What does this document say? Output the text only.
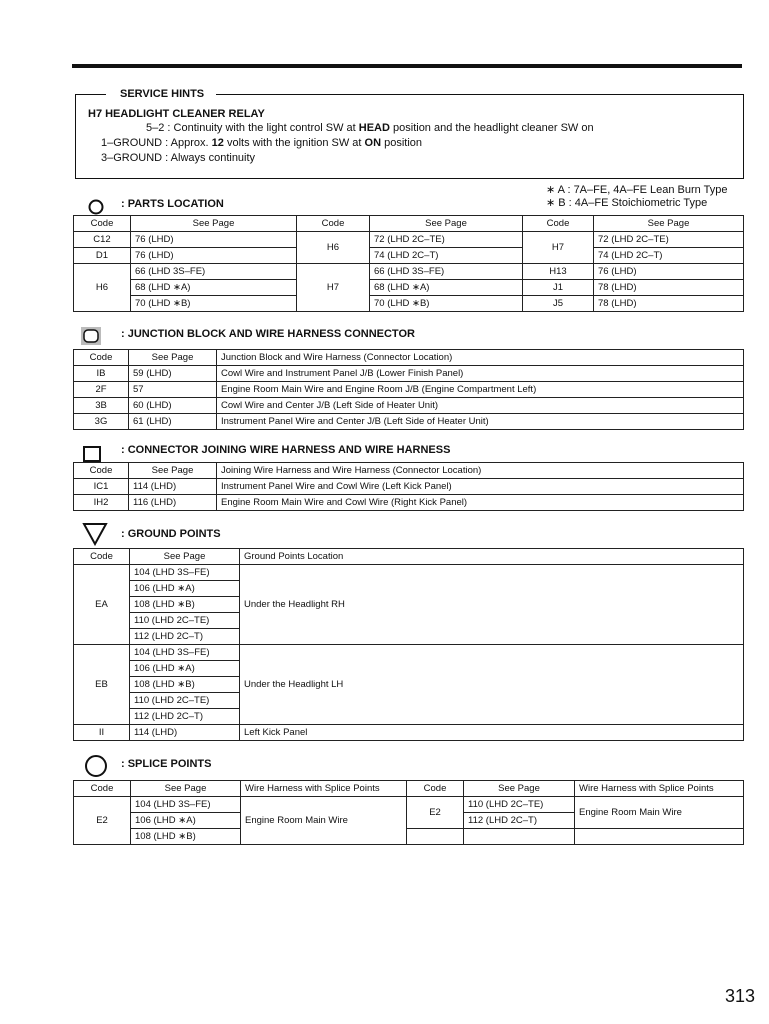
SERVICE HINTS
H7 HEADLIGHT CLEANER RELAY
5–2 : Continuity with the light control SW at HEAD position and the headlight cleaner SW on
1–GROUND : Approx. 12 volts with the ignition SW at ON position
3–GROUND : Always continuity
∗ A : 7A–FE, 4A–FE Lean Burn Type
∗ B : 4A–FE Stoichiometric Type
: PARTS LOCATION
Code	See Page	Code	See Page	Code	See Page
C12	76 (LHD)	H6	72 (LHD 2C–TE)	H7	72 (LHD 2C–TE)
D1	76 (LHD)		74 (LHD 2C–T)		74 (LHD 2C–T)
H6	66 (LHD 3S–FE)	H7	66 (LHD 3S–FE)	H13	76 (LHD)
	68 (LHD ∗A)		68 (LHD ∗A)	J1	78 (LHD)
	70 (LHD ∗B)		70 (LHD ∗B)	J5	78 (LHD)
: JUNCTION BLOCK AND WIRE HARNESS CONNECTOR
Code	See Page	Junction Block and Wire Harness (Connector Location)
IB	59 (LHD)	Cowl Wire and Instrument Panel J/B (Lower Finish Panel)
2F	57	Engine Room Main Wire and Engine Room J/B (Engine Compartment Left)
3B	60 (LHD)	Cowl Wire and Center J/B (Left Side of Heater Unit)
3G	61 (LHD)	Instrument Panel Wire and Center J/B (Left Side of Heater Unit)
: CONNECTOR JOINING WIRE HARNESS AND WIRE HARNESS
Code	See Page	Joining Wire Harness and Wire Harness (Connector Location)
IC1	114 (LHD)	Instrument Panel Wire and Cowl Wire (Left Kick Panel)
IH2	116 (LHD)	Engine Room Main Wire and Cowl Wire (Right Kick Panel)
: GROUND POINTS
Code	See Page	Ground Points Location
EA	104 (LHD 3S–FE)	Under the Headlight RH
	106 (LHD ∗A)	
	108 (LHD ∗B)	
	110 (LHD 2C–TE)	
	112 (LHD 2C–T)	
EB	104 (LHD 3S–FE)	Under the Headlight LH
	106 (LHD ∗A)	
	108 (LHD ∗B)	
	110 (LHD 2C–TE)	
	112 (LHD 2C–T)	
II	114 (LHD)	Left Kick Panel
: SPLICE POINTS
Code	See Page	Wire Harness with Splice Points	Code	See Page	Wire Harness with Splice Points
E2	104 (LHD 3S–FE)	Engine Room Main Wire	E2	110 (LHD 2C–TE)	Engine Room Main Wire
	106 (LHD ∗A)			112 (LHD 2C–T)	
	108 (LHD ∗B)				
313
